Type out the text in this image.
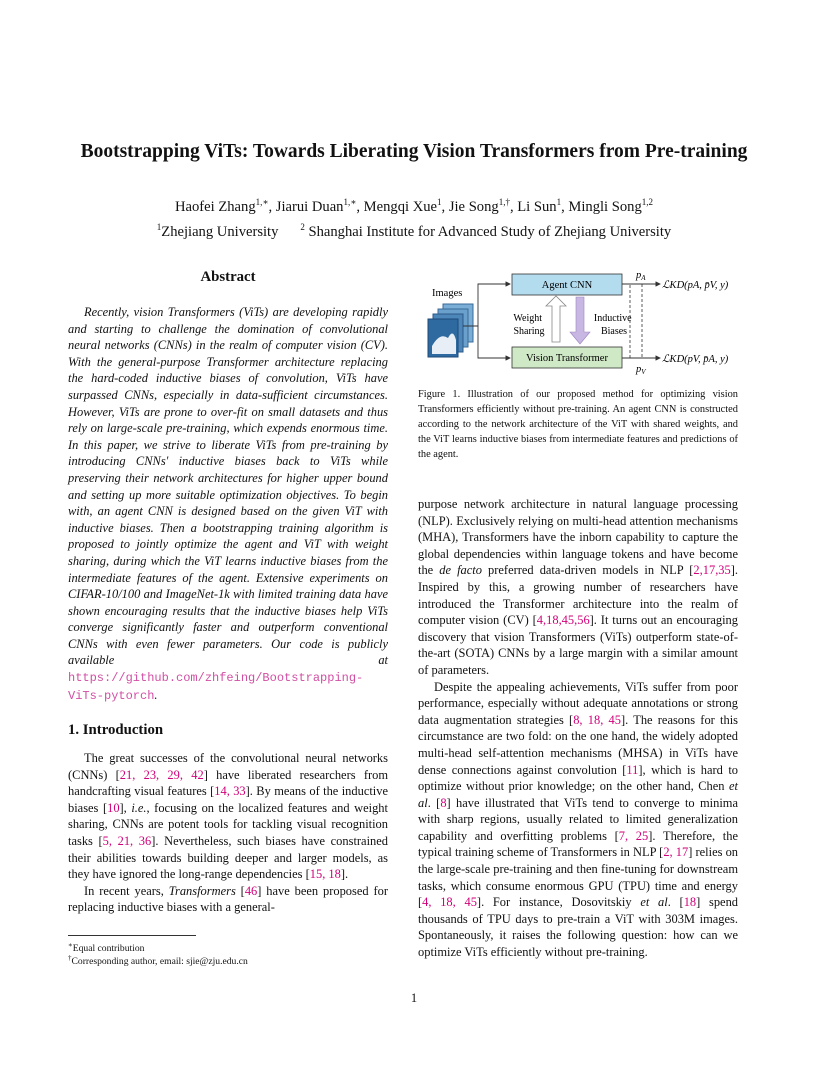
Bootstrapping ViTs: Towards Liberating Vision Transformers from Pre-training
Haofei Zhang$^{1,∗}$, Jiarui Duan$^{1,∗}$, Mengqi Xue$^1$, Jie Song$^{1,\dagger}$, Li Sun$^1$, Mingli Song$^{1,2}$
$^1$Zhejiang University $^2$ Shanghai Institute for Advanced Study of Zhejiang University
Abstract

Recently, vision Transformers (ViTs) are developing rapidly and starting to challenge the domination of convolutional neural networks (CNNs) in the realm of computer vision (CV). With the general-purpose Transformer architecture replacing the hard-coded inductive biases of convolution, ViTs have surpassed CNNs, especially in data-sufficient circumstances. However, ViTs are prone to over-fit on small datasets and thus rely on large-scale pre-training, which expends enormous time. In this paper, we strive to liberate ViTs from pre-training by introducing CNNs' inductive biases back to ViTs while preserving their network architectures for higher upper bound and setting up more suitable optimization objectives. To begin with, an agent CNN is designed based on the given ViT with inductive biases. Then a bootstrapping training algorithm is proposed to jointly optimize the agent and ViT with weight sharing, during which the ViT learns inductive biases from the intermediate features of the agent. Extensive experiments on CIFAR-10/100 and ImageNet-1k with limited training data have shown encouraging results that the inductive biases help ViTs converge significantly faster and outperform conventional CNNs with even fewer parameters. Our code is publicly available at https://github.com/zhfeing/Bootstrapping-ViTs-pytorch.

1. Introduction

The great successes of the convolutional neural networks (CNNs) [21, 23, 29, 42] have liberated researchers from handcrafting visual features [14, 33]. By means of the inductive biases [10], i.e., focusing on the localized features and weight sharing, CNNs are potent tools for tackling visual recognition tasks [5, 21, 36]. Nevertheless, such biases have constrained their abilities towards building deeper and larger models, as they have ignored the long-range dependencies [15, 18].

In recent years, Transformers [46] have been proposed for replacing inductive biases with a general-

∗Equal contribution
†Corresponding author, email: sjie@zju.edu.cn
Images
Agent CNN
Vision Transformer
Weight Sharing
Inductive Biases
pA
pV
ℒKD(pA, p̄V, y)
ℒKD(pV, p̄A, y)
Figure 1. Illustration of our proposed method for optimizing vision Transformers efficiently without pre-training. An agent CNN is constructed according to the network architecture of the ViT with shared weights, and the ViT learns inductive biases from intermediate features and predictions of the agent.

purpose network architecture in natural language processing (NLP). Exclusively relying on multi-head attention mechanisms (MHA), Transformers have the inborn capability to capture the global dependencies within language tokens and have become the de facto preferred data-driven models in NLP [2,17,35]. Inspired by this, a growing number of researchers have introduced the Transformer architecture into the realm of computer vision (CV) [4,18,45,56]. It turns out an encouraging discovery that vision Transformers (ViTs) outperform state-of-the-art (SOTA) CNNs by a large margin with a similar amount of parameters.

Despite the appealing achievements, ViTs suffer from poor performance, especially without adequate annotations or strong data augmentation strategies [8, 18, 45]. The reasons for this circumstance are two fold: on the one hand, the widely adopted multi-head self-attention mechanisms (MHSA) in ViTs have dense connections against convolution [11], which is hard to optimize without prior knowledge; on the other hand, Chen et al. [8] have illustrated that ViTs tend to converge to minima with sharp regions, usually related to limited generalization capability and overfitting problems [7, 25]. Therefore, the typical training scheme of Transformers in NLP [2, 17] relies on the large-scale pre-training and then fine-tuning for downstream tasks, which consume enormous GPU (TPU) time and energy [4, 18, 45]. For instance, Dosovitskiy et al. [18] spend thousands of TPU days to pre-train a ViT with 303M images. Spontaneously, it raises the following question: how can we optimize ViTs efficiently without pre-training.

1
